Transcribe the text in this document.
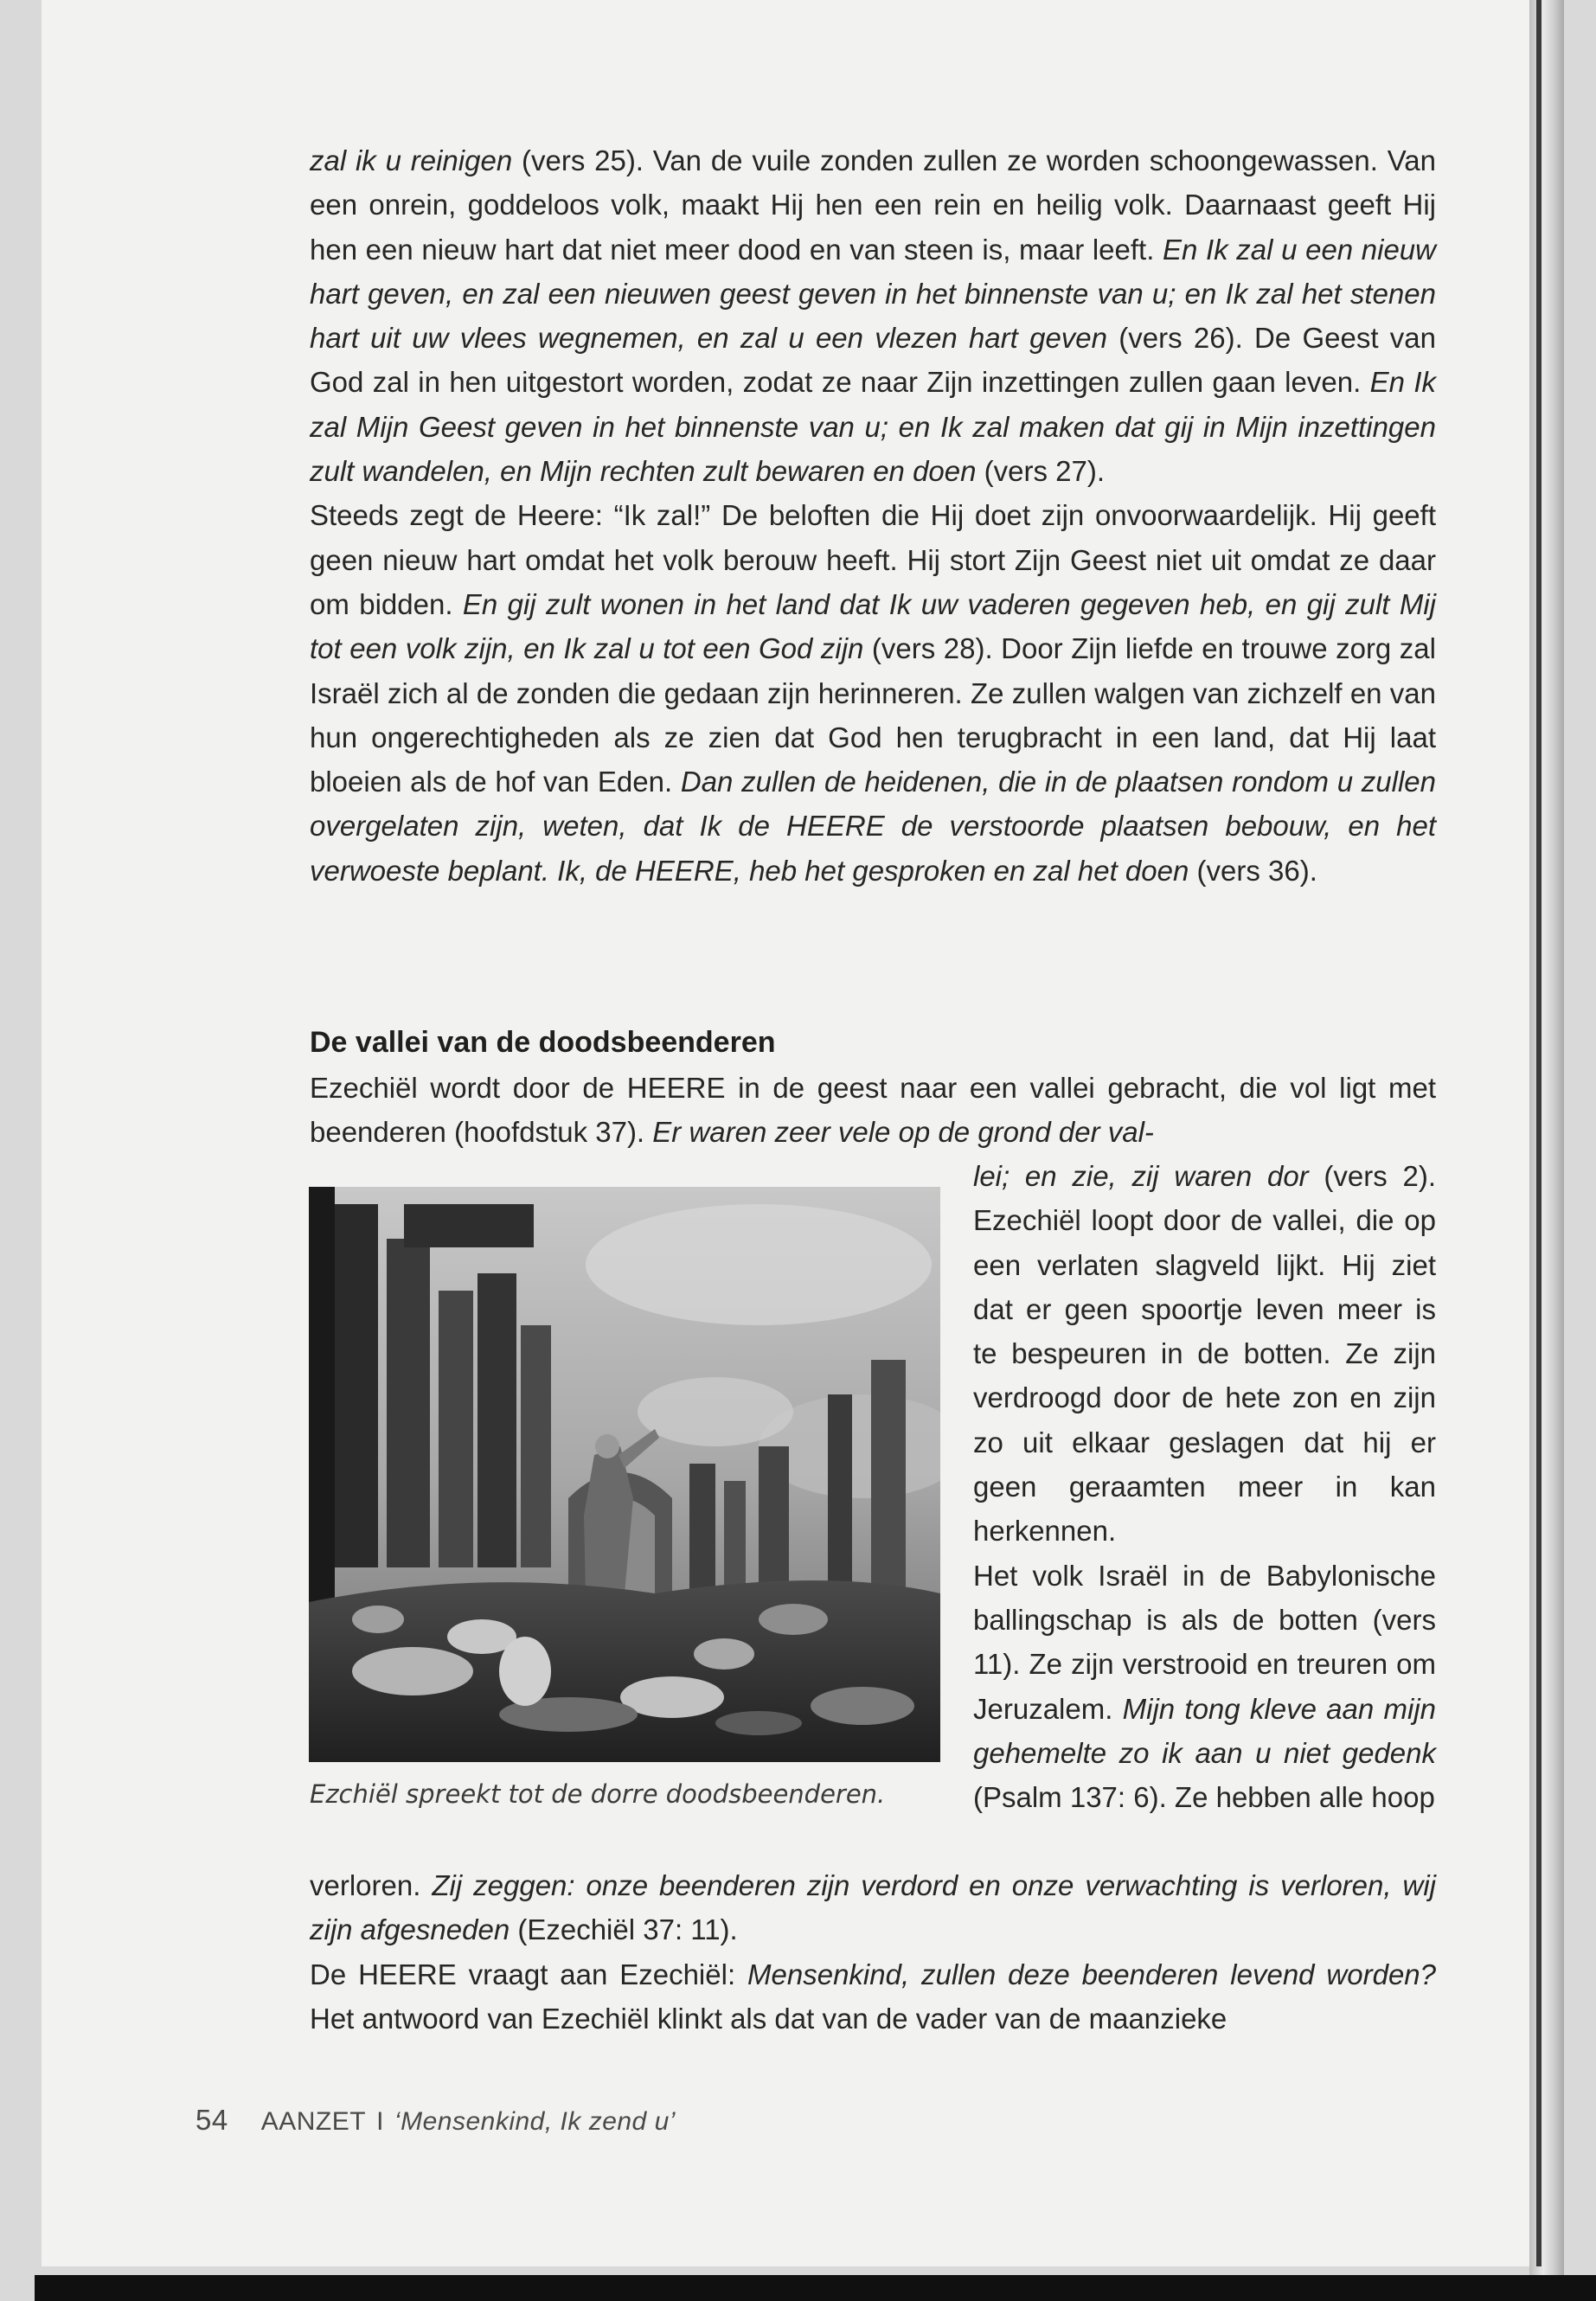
zal ik u reinigen (vers 25). Van de vuile zonden zullen ze worden schoongewassen. Van een onrein, goddeloos volk, maakt Hij hen een rein en heilig volk. Daarnaast geeft Hij hen een nieuw hart dat niet meer dood en van steen is, maar leeft. En Ik zal u een nieuw hart geven, en zal een nieuwen geest geven in het binnenste van u; en Ik zal het stenen hart uit uw vlees wegnemen, en zal u een vlezen hart geven (vers 26). De Geest van God zal in hen uitgestort worden, zodat ze naar Zijn inzettingen zullen gaan leven. En Ik zal Mijn Geest geven in het binnenste van u; en Ik zal maken dat gij in Mijn inzettingen zult wandelen, en Mijn rechten zult bewaren en doen (vers 27).

Steeds zegt de Heere: “Ik zal!” De beloften die Hij doet zijn onvoorwaardelijk. Hij geeft geen nieuw hart omdat het volk berouw heeft. Hij stort Zijn Geest niet uit omdat ze daar om bidden. En gij zult wonen in het land dat Ik uw vaderen gegeven heb, en gij zult Mij tot een volk zijn, en Ik zal u tot een God zijn (vers 28). Door Zijn liefde en trouwe zorg zal Israël zich al de zonden die gedaan zijn herinneren. Ze zullen walgen van zichzelf en van hun ongerechtigheden als ze zien dat God hen terugbracht in een land, dat Hij laat bloeien als de hof van Eden. Dan zullen de heidenen, die in de plaatsen rondom u zullen overgelaten zijn, weten, dat Ik de HEERE de verstoorde plaatsen bebouw, en het verwoeste beplant. Ik, de HEERE, heb het gesproken en zal het doen (vers 36).

De vallei van de doodsbeenderen

Ezechiël wordt door de HEERE in de geest naar een vallei gebracht, die vol ligt met beenderen (hoofdstuk 37). Er waren zeer vele op de grond der val-

Ezchiël spreekt tot de dorre doodsbeenderen.

lei; en zie, zij waren dor (vers 2). Ezechiël loopt door de vallei, die op een verlaten slagveld lijkt. Hij ziet dat er geen spoortje leven meer is te bespeuren in de botten. Ze zijn verdroogd door de hete zon en zijn zo uit elkaar geslagen dat hij er geen geraamten meer in kan herkennen.

Het volk Israël in de Babylonische ballingschap is als de botten (vers 11). Ze zijn verstrooid en treuren om Jeruzalem. Mijn tong kleve aan mijn gehemelte zo ik aan u niet gedenk (Psalm 137: 6). Ze hebben alle hoop

verloren. Zij zeggen: onze beenderen zijn verdord en onze verwachting is verloren, wij zijn afgesneden (Ezechiël 37: 11).

De HEERE vraagt aan Ezechiël: Mensenkind, zullen deze beenderen levend worden? Het antwoord van Ezechiël klinkt als dat van de vader van de maanzieke

54 AANZET I ‘Mensenkind, Ik zend u’
